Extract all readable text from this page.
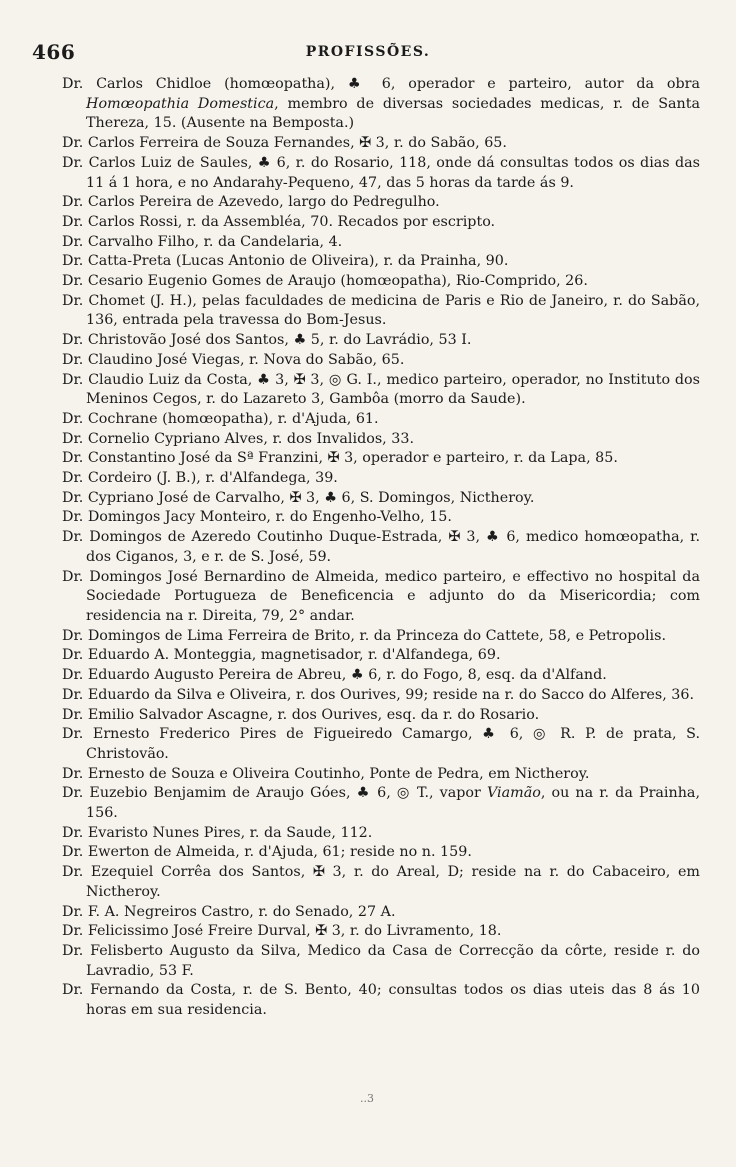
466	PROFISSÕES.
Dr. Carlos Chidloe (homœopatha), ♣ 6, operador e parteiro, autor da obra Homœopathia Domestica, membro de diversas sociedades medicas, r. de Santa Thereza, 15. (Ausente na Bemposta.)
Dr. Carlos Ferreira de Souza Fernandes, ✠ 3, r. do Sabão, 65.
Dr. Carlos Luiz de Saules, ♣ 6, r. do Rosario, 118, onde dá consultas todos os dias das 11 á 1 hora, e no Andarahy-Pequeno, 47, das 5 horas da tarde ás 9.
Dr. Carlos Pereira de Azevedo, largo do Pedregulho.
Dr. Carlos Rossi, r. da Assembléa, 70. Recados por escripto.
Dr. Carvalho Filho, r. da Candelaria, 4.
Dr. Catta-Preta (Lucas Antonio de Oliveira), r. da Prainha, 90.
Dr. Cesario Eugenio Gomes de Araujo (homœopatha), Rio-Comprido, 26.
Dr. Chomet (J. H.), pelas faculdades de medicina de Paris e Rio de Janeiro, r. do Sabão, 136, entrada pela travessa do Bom-Jesus.
Dr. Christovão José dos Santos, ♣ 5, r. do Lavrádio, 53 I.
Dr. Claudino José Viegas, r. Nova do Sabão, 65.
Dr. Claudio Luiz da Costa, ♣ 3, ✠ 3, ◎ G. I., medico parteiro, operador, no Instituto dos Meninos Cegos, r. do Lazareto 3, Gambôa (morro da Saude).
Dr. Cochrane (homœopatha), r. d'Ajuda, 61.
Dr. Cornelio Cypriano Alves, r. dos Invalidos, 33.
Dr. Constantino José da Sª Franzini, ✠ 3, operador e parteiro, r. da Lapa, 85.
Dr. Cordeiro (J. B.), r. d'Alfandega, 39.
Dr. Cypriano José de Carvalho, ✠ 3, ♣ 6, S. Domingos, Nictheroy.
Dr. Domingos Jacy Monteiro, r. do Engenho-Velho, 15.
Dr. Domingos de Azeredo Coutinho Duque-Estrada, ✠ 3, ♣ 6, medico homœopatha, r. dos Ciganos, 3, e r. de S. José, 59.
Dr. Domingos José Bernardino de Almeida, medico parteiro, e effectivo no hospital da Sociedade Portugueza de Beneficencia e adjunto do da Misericordia; com residencia na r. Direita, 79, 2° andar.
Dr. Domingos de Lima Ferreira de Brito, r. da Princeza do Cattete, 58, e Petropolis.
Dr. Eduardo A. Monteggia, magnetisador, r. d'Alfandega, 69.
Dr. Eduardo Augusto Pereira de Abreu, ♣ 6, r. do Fogo, 8, esq. da d'Alfand.
Dr. Eduardo da Silva e Oliveira, r. dos Ourives, 99; reside na r. do Sacco do Alferes, 36.
Dr. Emilio Salvador Ascagne, r. dos Ourives, esq. da r. do Rosario.
Dr. Ernesto Frederico Pires de Figueiredo Camargo, ♣ 6, ◎ R. P. de prata, S. Christovão.
Dr. Ernesto de Souza e Oliveira Coutinho, Ponte de Pedra, em Nictheroy.
Dr. Euzebio Benjamim de Araujo Góes, ♣ 6, ◎ T., vapor Viamão, ou na r. da Prainha, 156.
Dr. Evaristo Nunes Pires, r. da Saude, 112.
Dr. Ewerton de Almeida, r. d'Ajuda, 61; reside no n. 159.
Dr. Ezequiel Corrêa dos Santos, ✠ 3, r. do Areal, D; reside na r. do Cabaceiro, em Nictheroy.
Dr. F. A. Negreiros Castro, r. do Senado, 27 A.
Dr. Felicissimo José Freire Durval, ✠ 3, r. do Livramento, 18.
Dr. Felisberto Augusto da Silva, Medico da Casa de Correcção da côrte, reside r. do Lavradio, 53 F.
Dr. Fernando da Costa, r. de S. Bento, 40; consultas todos os dias uteis das 8 ás 10 horas em sua residencia.
..3
